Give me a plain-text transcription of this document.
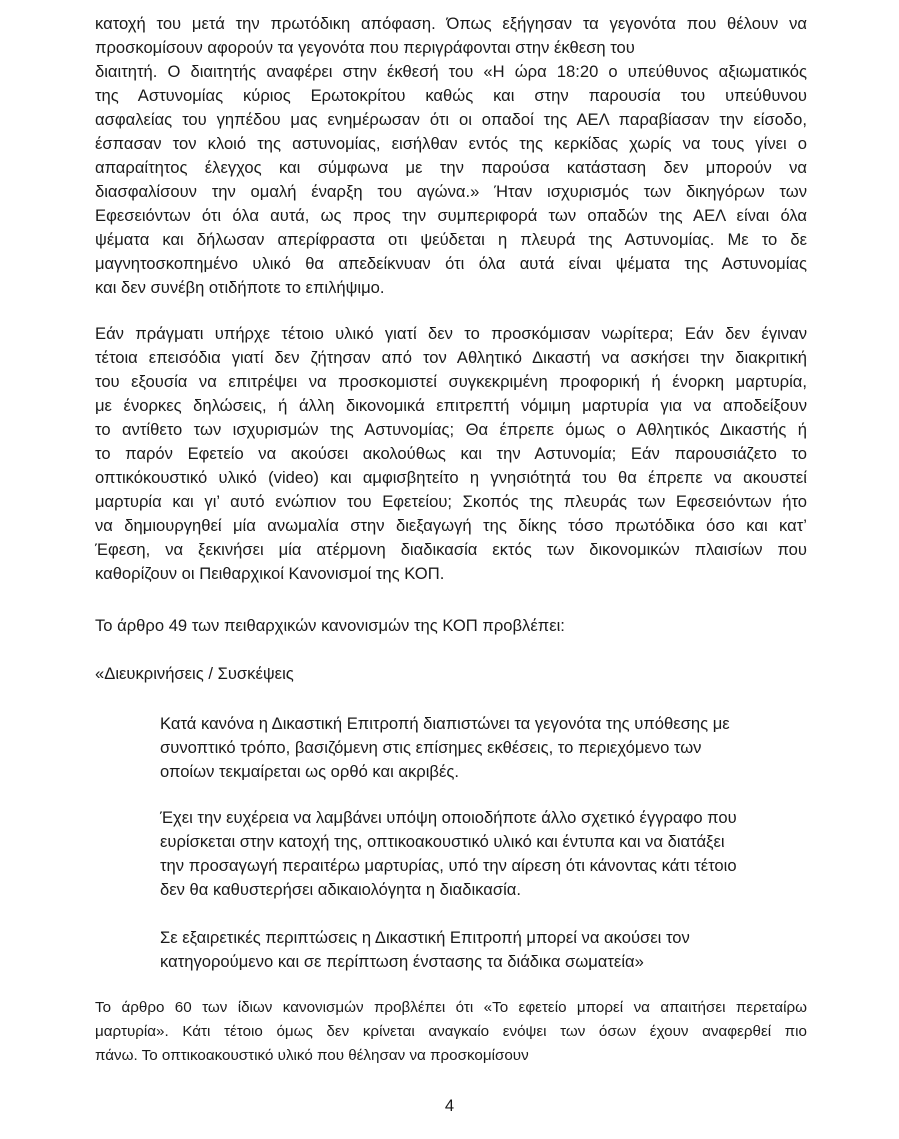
κατοχή του μετά την πρωτόδικη απόφαση. Όπως εξήγησαν τα γεγονότα που θέλουν να
προσκομίσουν αφορούν τα γεγονότα που περιγράφονται στην έκθεση του
διαιτητή. Ο διαιτητής αναφέρει στην έκθεσή του «Η ώρα 18:20 ο υπεύθυνος αξιωματικός
της Αστυνομίας κύριος Ερωτοκρίτου καθώς και στην παρουσία του υπεύθυνου
ασφαλείας του γηπέδου μας ενημέρωσαν ότι οι οπαδοί της ΑΕΛ παραβίασαν την είσοδο,
έσπασαν τον κλοιό της αστυνομίας, εισήλθαν εντός της κερκίδας χωρίς να τους γίνει ο
απαραίτητος έλεγχος και σύμφωνα με την παρούσα κατάσταση δεν μπορούν να
διασφαλίσουν την ομαλή έναρξη του αγώνα.» Ήταν ισχυρισμός των δικηγόρων των
Εφεσειόντων ότι όλα αυτά, ως προς την συμπεριφορά των οπαδών της ΑΕΛ είναι όλα
ψέματα και δήλωσαν απερίφραστα οτι ψεύδεται η πλευρά της Αστυνομίας. Με το δε
μαγνητοσκοπημένο υλικό θα απεδείκνυαν ότι όλα αυτά είναι ψέματα της Αστυνομίας
και δεν συνέβη οτιδήποτε το επιλήψιμο.
Εάν πράγματι υπήρχε τέτοιο υλικό γιατί δεν το προσκόμισαν νωρίτερα; Εάν δεν έγιναν
τέτοια επεισόδια γιατί δεν ζήτησαν από τον Αθλητικό Δικαστή να ασκήσει την διακριτική
του εξουσία να επιτρέψει να προσκομιστεί συγκεκριμένη προφορική ή ένορκη μαρτυρία,
με ένορκες δηλώσεις, ή άλλη δικονομικά επιτρεπτή νόμιμη μαρτυρία για να αποδείξουν
το αντίθετο των ισχυρισμών της Αστυνομίας; Θα έπρεπε όμως ο Αθλητικός Δικαστής ή
το παρόν Εφετείο να ακούσει ακολούθως και την Αστυνομία; Εάν παρουσιάζετο το
οπτικόκουστικό υλικό (video) και αμφισβητείτο η γνησιότητά του θα έπρεπε να ακουστεί
μαρτυρία και γι’ αυτό ενώπιον του Εφετείου; Σκοπός της πλευράς των Εφεσειόντων ήτο
να δημιουργηθεί μία ανωμαλία στην διεξαγωγή της δίκης τόσο πρωτόδικα όσο και κατ’
Έφεση, να ξεκινήσει μία ατέρμονη διαδικασία εκτός των δικονομικών πλαισίων που
καθορίζουν οι Πειθαρχικοί Κανονισμοί της ΚΟΠ.
Το άρθρο 49 των πειθαρχικών κανονισμών της ΚΟΠ προβλέπει:
«Διευκρινήσεις / Συσκέψεις
Κατά κανόνα η Δικαστική Επιτροπή διαπιστώνει τα γεγονότα της υπόθεσης με
συνοπτικό τρόπο, βασιζόμενη στις επίσημες εκθέσεις, το περιεχόμενο των
οποίων τεκμαίρεται ως ορθό και ακριβές.
Έχει την ευχέρεια να λαμβάνει υπόψη οποιοδήποτε άλλο σχετικό έγγραφο που
ευρίσκεται στην κατοχή της, οπτικοακουστικό υλικό και έντυπα και να διατάξει
την προσαγωγή περαιτέρω μαρτυρίας, υπό την αίρεση ότι κάνοντας κάτι τέτοιο
δεν θα καθυστερήσει αδικαιολόγητα η διαδικασία.
Σε εξαιρετικές περιπτώσεις η Δικαστική Επιτροπή μπορεί να ακούσει τον
κατηγορούμενο και σε περίπτωση ένστασης τα διάδικα σωματεία»
Το άρθρο 60 των ίδιων κανονισμών προβλέπει ότι «Το εφετείο μπορεί να απαιτήσει περεταίρω
μαρτυρία». Κάτι τέτοιο όμως δεν κρίνεται αναγκαίο ενόψει των όσων έχουν αναφερθεί πιο
πάνω. Το οπτικοακουστικό υλικό που θέλησαν να προσκομίσουν
4
